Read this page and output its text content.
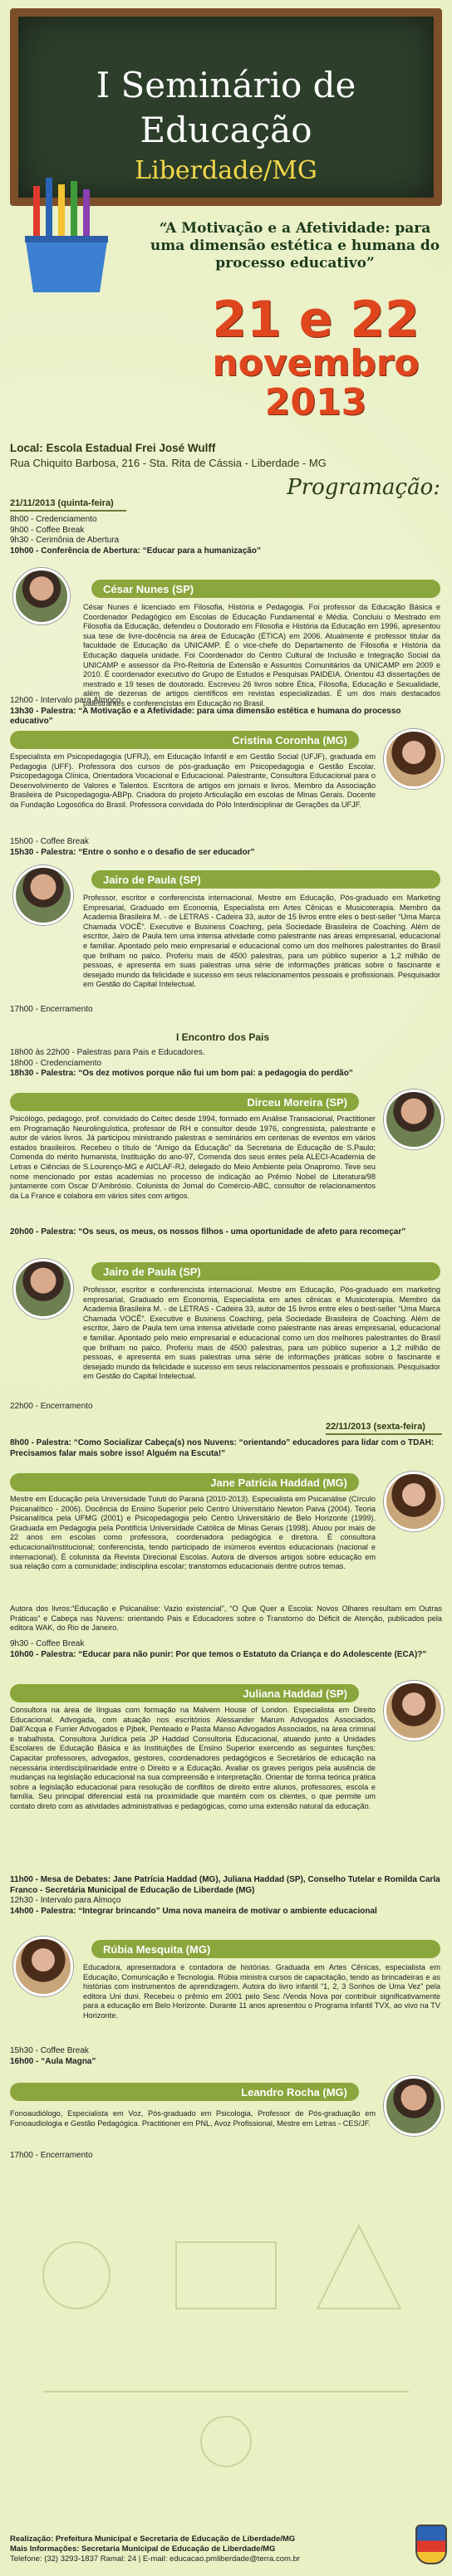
I Seminário de
Educação
Liberdade/MG
“A Motivação e a Afetividade: para uma dimensão estética e humana do processo educativo”
21 e 22
novembro
2013
Local: Escola Estadual Frei José Wulff
Rua Chiquito Barbosa, 216 - Sta. Rita de Cássia - Liberdade - MG
Programação:
21/11/2013 (quinta-feira)
8h00 - Credenciamento
9h00 - Coffee Break
9h30 - Cerimônia de Abertura
10h00 - Conferência de Abertura: “Educar para a humanização”
César Nunes (SP)
César Nunes é licenciado em Filosofia, História e Pedagogia. Foi professor da Educação Básica e Coordenador Pedagógico em Escolas de Educação Fundamental e Média. Concluiu o Mestrado em Filosofia da Educação, defendeu o Doutorado em Filosofia e História da Educação em 1996, apresentou sua tese de livre-docência na área de Educação (ÉTICA) em 2006. Atualmente é professor titular da faculdade de Educação da UNICAMP. É o vice-chefe do Departamento de Filosofia e História da Educação daquela unidade. Foi Coordenador do Centro Cultural de Inclusão e Integração Social da UNICAMP e assessor da Pró-Reitoria de Extensão e Assuntos Comunitários da UNICAMP em 2009 e 2010. É coordenador executivo do Grupo de Estudos e Pesquisas PAIDEIA. Orientou 43 dissertações de mestrado e 19 teses de doutorado. Escreveu 26 livros sobre Ética, Filosofia, Educação e Sexualidade, além de dezenas de artigos científicos em revistas especializadas. É um dos mais destacados palestrantes e conferencistas em Educação no Brasil.
12h00 - Intervalo para Almoço
13h30 - Palestra: “A Motivação e a Afetividade: para uma dimensão estética e humana do processo educativo”
Cristina Coronha (MG)
Especialista em Psicopedagogia (UFRJ), em Educação Infantil e em Gestão Social (UFJF), graduada em Pedagogia (UFF). Professora dos cursos de pós-graduação em Psicopedagogia e Gestão Escolar. Psicopedagoga Clínica, Orientadora Vocacional e Educacional. Palestrante, Consultora Educacional para o Desenvolvimento de Valores e Talentos. Escritora de artigos em jornais e livros. Membro da Associação Brasileira de Psicopedagogia-ABPp. Criadora do projeto Articulação em escolas de Minas Gerais. Docente da Fundação Logosófica do Brasil. Professora convidada do Pólo Interdisciplinar de Gerações da UFJF.
15h00 - Coffee Break
15h30 - Palestra: “Entre o sonho e o desafio de ser educador”
Jairo de Paula (SP)
Professor, escritor e conferencista internacional. Mestre em Educação, Pós-graduado em Marketing Empresarial, Graduado em Economia, Especialista em Artes Cênicas e Musicoterapia. Membro da Academia Brasileira M. - de LETRAS - Cadeira 33, autor de 15 livros entre eles o best-seller “Uma Marca Chamada VOCÊ”. Executive e Business Coaching, pela Sociedade Brasileira de Coaching. Além de escritor, Jairo de Paula tem uma intensa atividade como palestrante nas áreas empresarial, educacional e familiar. Apontado pelo meio empresarial e educacional como um dos melhores palestrantes do Brasil que brilham no palco. Proferiu mais de 4500 palestras, para um público superior a 1,2 milhão de pessoas, e apresenta em suas palestras uma série de informações práticas sobre o fascinante e desejado mundo da felicidade e sucesso em seus relacionamentos pessoais e profissionais. Pesquisador em Gestão do Capital Intelectual.
17h00 - Encerramento
I Encontro dos Pais
18h00 às 22h00 - Palestras para Pais e Educadores.
18h00 - Credenciamento
18h30 - Palestra: “Os dez motivos porque não fui um bom pai: a pedagogia do perdão”
Dirceu Moreira (SP)
Psicólogo, pedagogo, prof. convidado do Ceitec desde 1994, formado em Análise Transacional, Practitioner em Programação Neurolinguística, professor de RH e consultor desde 1976, congressista, palestrante e autor de vários livros. Já participou ministrando palestras e seminários em centenas de eventos em vários estados brasileiros. Recebeu o título de “Amigo da Educação” da Secretaria de Educação de S.Paulo; Comenda do mérito humanista, Instituição do ano-97, Comenda dos seus entes pela ALECI-Academia de Letras e Ciências de S.Lourenço-MG e AICLAF-RJ, delegado do Meio Ambiente pela Onapromo. Teve seu nome mencionado por estas academias no processo de indicação ao Prêmio Nobel de Literatura/98 juntamente com Oscar D’Ambrósio. Colunista do Jornal do Comércio-ABC, consultor de relacionamentos da La France e colabora em vários sites com artigos.
20h00 - Palestra: “Os seus, os meus, os nossos filhos - uma oportunidade de afeto para recomeçar”
Jairo de Paula (SP)
Professor, escritor e conferencista internacional. Mestre em Educação, Pós-graduado em marketing empresarial, Graduado em Economia, Especialista em artes cênicas e Musicoterapia. Membro da Academia Brasileira M. - de LETRAS - Cadeira 33, autor de 15 livros entre eles o best-seller “Uma Marca Chamada VOCÊ”. Executive e Business Coaching, pela Sociedade Brasileira de Coaching. Além de escritor, Jairo de Paula tem uma intensa atividade como palestrante nas áreas empresarial, educacional e familiar. Apontado pelo meio empresarial e educacional como um dos melhores palestrantes do Brasil que brilham no palco. Proferiu mais de 4500 palestras, para um público superior a 1,2 milhão de pessoas, e apresenta em suas palestras uma série de informações práticas sobre o fascinante e desejado mundo da felicidade e sucesso em seus relacionamentos pessoais e profissionais. Pesquisador em Gestão do Capital Intelectual.
22h00 - Encerramento
22/11/2013 (sexta-feira)
8h00 - Palestra: “Como Socializar Cabeça(s) nos Nuvens: “orientando” educadores para lidar com o TDAH: Precisamos falar mais sobre isso! Alguém na Escuta!”
Jane Patrícia Haddad (MG)
Mestre em Educação pela Universidade Tuiuti do Paraná (2010-2013). Especialista em Psicanálise (Círculo Psicanalítico - 2006). Docência do Ensino Superior pelo Centro Universitário Newton Paiva (2004). Teoria Psicanalítica pela UFMG (2001) e Psicopedagogia pelo Centro Universitário de Belo Horizonte (1999). Graduada em Pedagogia pela Pontifícia Universidade Católica de Minas Gerais (1998). Atuou por mais de 22 anos em escolas como professora, coordenadora pedagógica e diretora. É consultora educacional/institucional; conferencista, tendo participado de inúmeros eventos educacionais (nacional e internacional). É colunista da Revista Direcional Escolas. Autora de diversos artigos sobre educação em sua relação com a comunidade; indisciplina escolar; transtornos educacionais dentre outros temas.
Autora dos livros:“Educação e Psicanálise: Vazio existencial”, “O Que Quer a Escola: Novos Olhares resultam em Outras Práticas” e Cabeça nas Nuvens: orientando Pais e Educadores sobre o Transtorno do Déficit de Atenção, publicados pela editora WAK, do Rio de Janeiro.
9h30 - Coffee Break
10h00 - Palestra: “Educar para não punir: Por que temos o Estatuto da Criança e do Adolescente (ECA)?”
Juliana Haddad (SP)
Consultora na área de línguas com formação na Malvern House of London. Especialista em Direito Educacional. Advogada, com atuação nos escritórios Alessander Marum Advogados Associados, Dall’Acqua e Furrier Advogados e Pjbek, Penteado e Pasta Manso Advogados Associados, na área criminal e trabalhista. Consultora Jurídica pela JP Haddad Consultoria Educacional, atuando junto a Unidades Escolares de Educação Básica e às Instituições de Ensino Superior exercendo as seguintes funções: Capacitar professores, advogados, gestores, coordenadores pedagógicos e Secretários de educação na necessária interdisciplinaridade entre o Direito e a Educação. Avaliar os graves perigos pela ausência de mudanças na legislação educacional na sua compreensão e interpretação. Orientar de forma teórica prática sobre a legislação educacional para resolução de conflitos de direito entre alunos, professores, escola e família. Seu principal diferencial está na proximidade que mantém com os clientes, o que permite um contato direto com as atividades administrativas e pedagógicas, como uma extensão natural da educação.
11h00 - Mesa de Debates: Jane Patrícia Haddad (MG), Juliana Haddad (SP), Conselho Tutelar e Romilda Carla Franco - Secretária Municipal de Educação de Liberdade (MG)
12h30 - Intervalo para Almoço
14h00 - Palestra: “Integrar brincando” Uma nova maneira de motivar o ambiente educacional
Rúbia Mesquita (MG)
Educadora, apresentadora e contadora de histórias. Graduada em Artes Cênicas, especialista em Educação, Comunicação e Tecnologia. Rúbia ministra cursos de capacitação, tendo as brincadeiras e as histórias com instrumentos de aprendizagem. Autora do livro infantil “1, 2, 3 Sonhos de Uma Vez” pela editora Uni duni. Recebeu o prêmio em 2001 pelo Sesc /Venda Nova por contribuir significativamente para a educação em Belo Horizonte. Durante 11 anos apresentou o Programa infantil TVX, ao vivo na TV Horizonte.
15h30 - Coffee Break
16h00 - “Aula Magna”
Leandro Rocha (MG)
Fonoaudiólogo, Especialista em Voz, Pós-graduado em Psicologia, Professor de Pós-graduação em Fonoaudiologia e Gestão Pedagógica. Practitioner em PNL, Avoz Profissional, Mestre em Letras - CES/JF.
17h00 - Encerramento
Realização: Prefeitura Municipal e Secretaria de Educação de Liberdade/MG
Mais Informações: Secretaria Municipal de Educação de Liberdade/MG
Telefone: (32) 3293-1837 Ramal: 24 | E-mail: educacao.pmliberdade@terra.com.br
